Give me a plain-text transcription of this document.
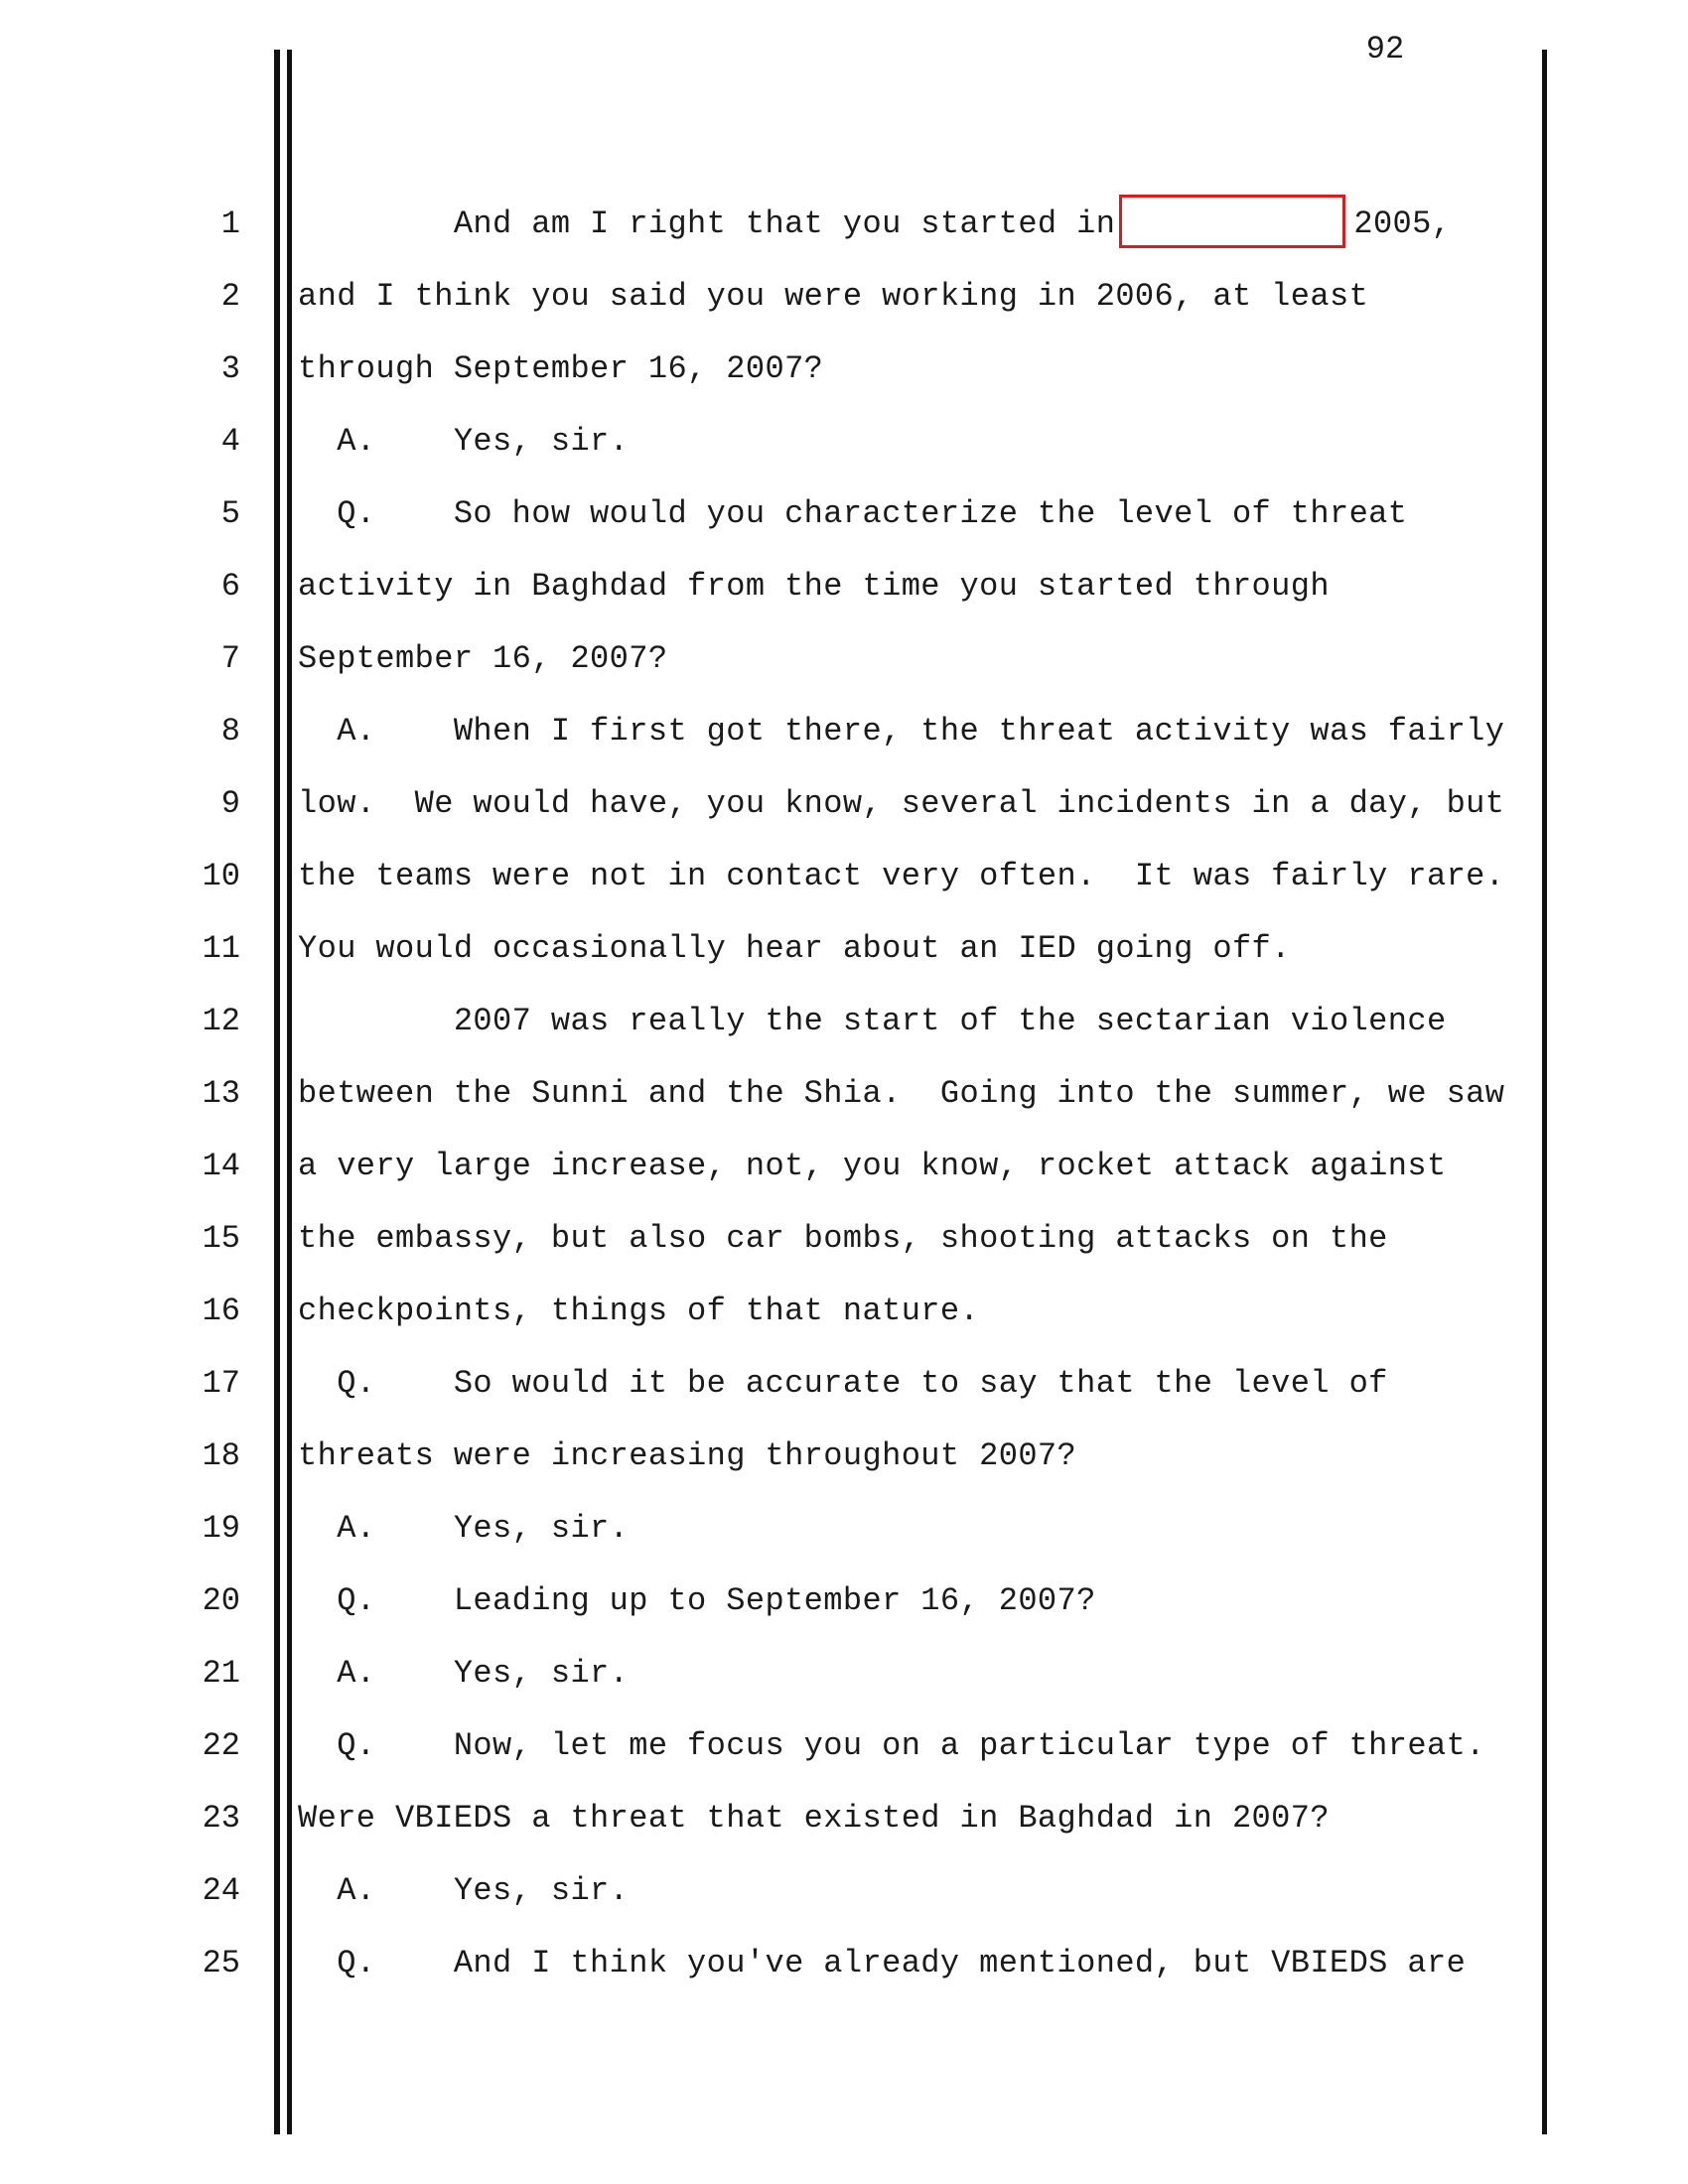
92
1
2
3
4
5
6
7
8
9
10
11
12
13
14
15
16
17
18
19
20
21
22
23
24
25
And am I right that you started in	2005,
and I think you said you were working in 2006, at least
through September 16, 2007?
A.    Yes, sir.
Q.    So how would you characterize the level of threat
activity in Baghdad from the time you started through
September 16, 2007?
A.    When I first got there, the threat activity was fairly
low.  We would have, you know, several incidents in a day, but
the teams were not in contact very often.  It was fairly rare.
You would occasionally hear about an IED going off.
2007 was really the start of the sectarian violence
between the Sunni and the Shia.  Going into the summer, we saw
a very large increase, not, you know, rocket attack against
the embassy, but also car bombs, shooting attacks on the
checkpoints, things of that nature.
Q.    So would it be accurate to say that the level of
threats were increasing throughout 2007?
A.    Yes, sir.
Q.    Leading up to September 16, 2007?
A.    Yes, sir.
Q.    Now, let me focus you on a particular type of threat.
Were VBIEDS a threat that existed in Baghdad in 2007?
A.    Yes, sir.
Q.    And I think you've already mentioned, but VBIEDS are
